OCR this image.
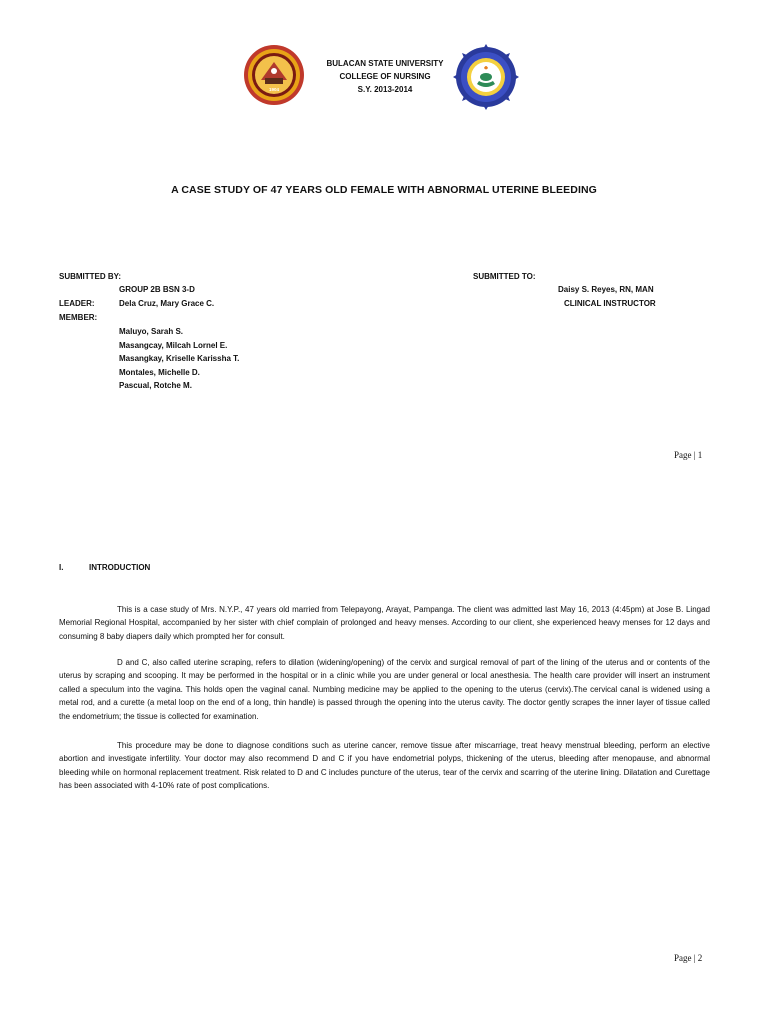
1904
BULACAN STATE UNIVERSITY
COLLEGE OF NURSING
S.Y. 2013-2014
A CASE STUDY OF 47 YEARS OLD FEMALE WITH ABNORMAL UTERINE BLEEDING
SUBMITTED BY:
GROUP 2B BSN 3-D
LEADER:	Dela Cruz, Mary Grace C.
MEMBER:
Maluyo, Sarah S.
Masangcay, Milcah Lornel E.
Masangkay, Kriselle Karissha T.
Montales, Michelle D.
Pascual, Rotche M.
SUBMITTED TO:
Daisy S. Reyes, RN, MAN
CLINICAL INSTRUCTOR
Page | 1
I.	INTRODUCTION

This is a case study of Mrs. N.Y.P., 47 years old married from Telepayong, Arayat, Pampanga. The client was admitted last May 16, 2013 (4:45pm) at Jose B. Lingad Memorial Regional Hospital, accompanied by her sister with chief complain of prolonged and heavy menses. According to our client, she experienced heavy menses for 12 days and consuming 8 baby diapers daily which prompted her for consult.

D and C, also called uterine scraping, refers to dilation (widening/opening) of the cervix and surgical removal of part of the lining of the uterus and or contents of the uterus by scraping and scooping. It may be performed in the hospital or in a clinic while you are under general or local anesthesia. The health care provider will insert an instrument called a speculum into the vagina. This holds open the vaginal canal. Numbing medicine may be applied to the opening to the uterus (cervix).The cervical canal is widened using a metal rod, and a curette (a metal loop on the end of a long, thin handle) is passed through the opening into the uterus cavity. The doctor gently scrapes the inner layer of tissue called the endometrium; the tissue is collected for examination.

This procedure may be done to diagnose conditions such as uterine cancer, remove tissue after miscarriage, treat heavy menstrual bleeding, perform an elective abortion and investigate infertility. Your doctor may also recommend D and C if you have endometrial polyps, thickening of the uterus, bleeding after menopause, and abnormal bleeding while on hormonal replacement treatment. Risk related to D and C includes puncture of the uterus, tear of the cervix and scarring of the uterine lining. Dilatation and Curettage has been associated with 4-10% rate of post complications.

Page | 2
